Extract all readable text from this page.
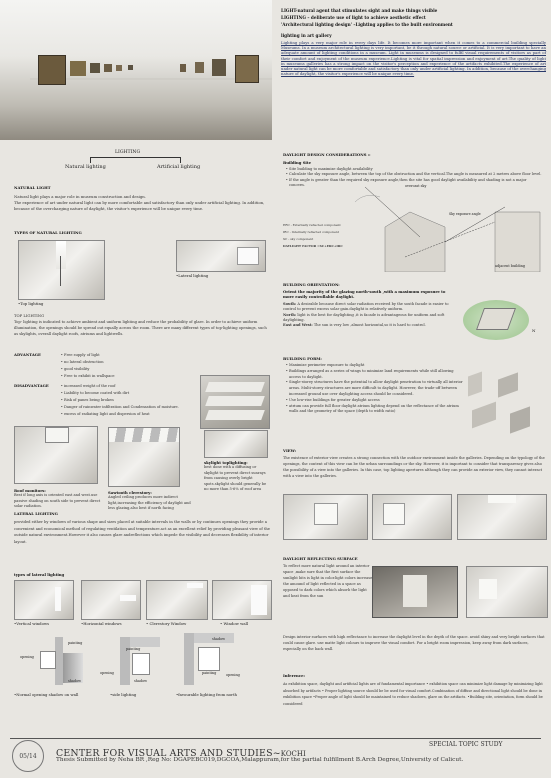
LIGHT-natural agent that stimulates sight and make things visible
LIGHTING – deliberate use of light to achieve aesthetic effect
'Architectural lighting design' –Lighting applies to the built environment
lighting in art gallery
Lighting plays a very major role in every days life. It becomes more important when it comes to a commercial building specially Museums. In a museum architectural lighting is very important, be it through natural source or artificial. It is very important to have an adequate amount of lighting conditions in a museum. Light in museums is designed to fulfil visual requirements of visitors as part of their comfort and enjoyment of the museum experience.Lighting is vital for spatial impression and enjoyment of art.The quality of light in museums galleries has a strong impact on the visitor's perception and experience of the artifacts exhibited.The experience of art under natural light can be more comfortable and satisfactory than only under artificial lighting. In addition, because of the overchanging nature of daylight, the visitor's experience will be unique every time.
LIGHTING
Natural lighting	Artificial lighting
NATURAL LIGHT
Natural light plays a major role in museum construction and design.
The experience of art under natural light can by more comfortable and satisfactory than only under artificial lighting. In addition, because of the overcharging nature of daylight, the visitor's experience will be unique every time.
TYPES OF NATURAL LIGHTING
•Top lighting
•Lateral lighting
TOP LIGHTING
Top- lighting is indicated to achieve ambient and uniform lighting and reduce the probability of glare. In order to achieve uniform illumination, the openings should be spread out equally across the room. There are many different types of top-lighting openings, such as skylights, overall daylight roofs, atriums and lightwells.
ADVANTAGE	• Free supply of light
• no lateral obstruction
• good visibility
• Free to exhibit in wallspace
DISADVANTAGE	• increased weight of the roof
• Liability to become coated with dirt
• Risk of panes being broken
• Danger of rainwater infiltration and Condensation of moisture.
• excess of radiating light and dispersion of heat
Roof monitors:
Best if long axis is oriented east and west.use passive shading on south side to prevent direct solar radiation.
Sawtooth clerestory:
Angled ceiling produces more indirect light,increasing the efficiency of daylight and less glazing,also best if north facing
skylight toplighting:
best done with a diffusing or skylight to prevent direct sunrays from causing overly bright spots.skylight should generally be no more than 5-6% of roof area
LATERAL LIGHTING
provided either by windows of various shape and sizes placed at suitable intervals in the walls or by continues openings they provide a convenient and economical method of regulating ventilation and temperature.act as an excellent relief by providing pleasant view of the outside natural environment.However it also causes glare andreflections which impede the visibility and decreases flexibility of interior layout.
types of lateral lighting
•Vertical windows	•Horizontal windows	• Clerestory Window	• Window wall
opening
painting
shadow
painting
opening
shadow
shadow
painting	opening
•Normal opening shadow on wall	•side lighting	•favourable lighting from north
DAYLIGHT DESIGN CONSIDERATIONS ::
Building Site
• Site building to maximize daylight availability
• Calculate the sky exposure angle, between the top of the obstruction and the vertical.The angle is measured at 2 metres above floor level.
• If the angle is greater than the required sky exposure angle,then the site has good daylight availability and shading is not a major concern.	overcast sky
Sky exposure angle
adjacent building
ERC - Externally reflected component
IRC - Internally reflected component
SC - sky component
DAYLIGHT FACTOR =SC+ERC+IRC
BUILDING ORIENTATION:
Orient the majority of the glazing north-south ,with a maximum exposure to more easily controllable daylight.
South: A desirable because direct solar radiation received by the south facade is easier to control to prevent excess solar gain.daylight is relatively uniform.
North: light is the best for daylighting ,it is facade is advantageous for uniform and soft daylighting.
East and West: The sun is very low ,almost horizontal,so it is hard to control.
N
BUILDING FORM:
• Maximize perimeter exposure to daylight
• Buildings arranged as a series of wings to minimize land requirements while still allowing access to daylight.
• Single-storey structures have the potential to allow daylight penetration to virtually all interior areas. Multi-storey structures are more difficult to daylight. However, the trade-off between increased ground use over daylighting access should be considered.
• Use low-rise buildings for greater daylight access
• atrium can provide full floor daylight atrium lighting depend on the reflectance of the atrium walls and the geometry of the space (depth to width ratio)
VIEW:
The existence of exterior view creates a strong connection with the outdoor environment inside the galleries. Depending on the typology of the openings, the content of this view can be the urban surroundings or the sky. However, it is important to consider that transparency gives also the possibility of a view into the galleries. In this case, top lighting apertures although they can provide an exterior view, they cannot interact with a view into the galleries.
DAYLIGHT REFLECTING SURFACE
To reflect more natural light around an interior space ,make sure that the first surface the sunlight hits is light in color.light colors increase the amound of light reflected in a space as opposed to dark colors which absorb the light and heat from the sun
Design interior surfaces with high reflectance to increase the daylight level in the depth of the space. avoid shiny and very bright surfaces that could cause glare. use matte light colours to improve the visual comfort. For a bright room impression, keep away from dark surfaces, especially on the back wall.
Inference:
As exhibition space, daylight and artificial lights are of fundamental importance • exhibition space can minimize light damage by minimizing light absorbed by artifacts • Proper lighting source should be be used for visual comfort.Combination of diffuse and directional light should be done in exhibition space •Proper angle of light should be maintained to reduce shadows, glare on the artifacts. •Building site, orientation, form should be considered
05/14 CENTER FOR VISUAL ARTS AND STUDIES~KOCHI
SPECIAL TOPIC STUDY
Thesis Submitted by Neha BR ,Reg No: DGAPEBC019,DGCOA,Malappuram,for the partial fulfillment B.Arch Degree,University of Calicut.
